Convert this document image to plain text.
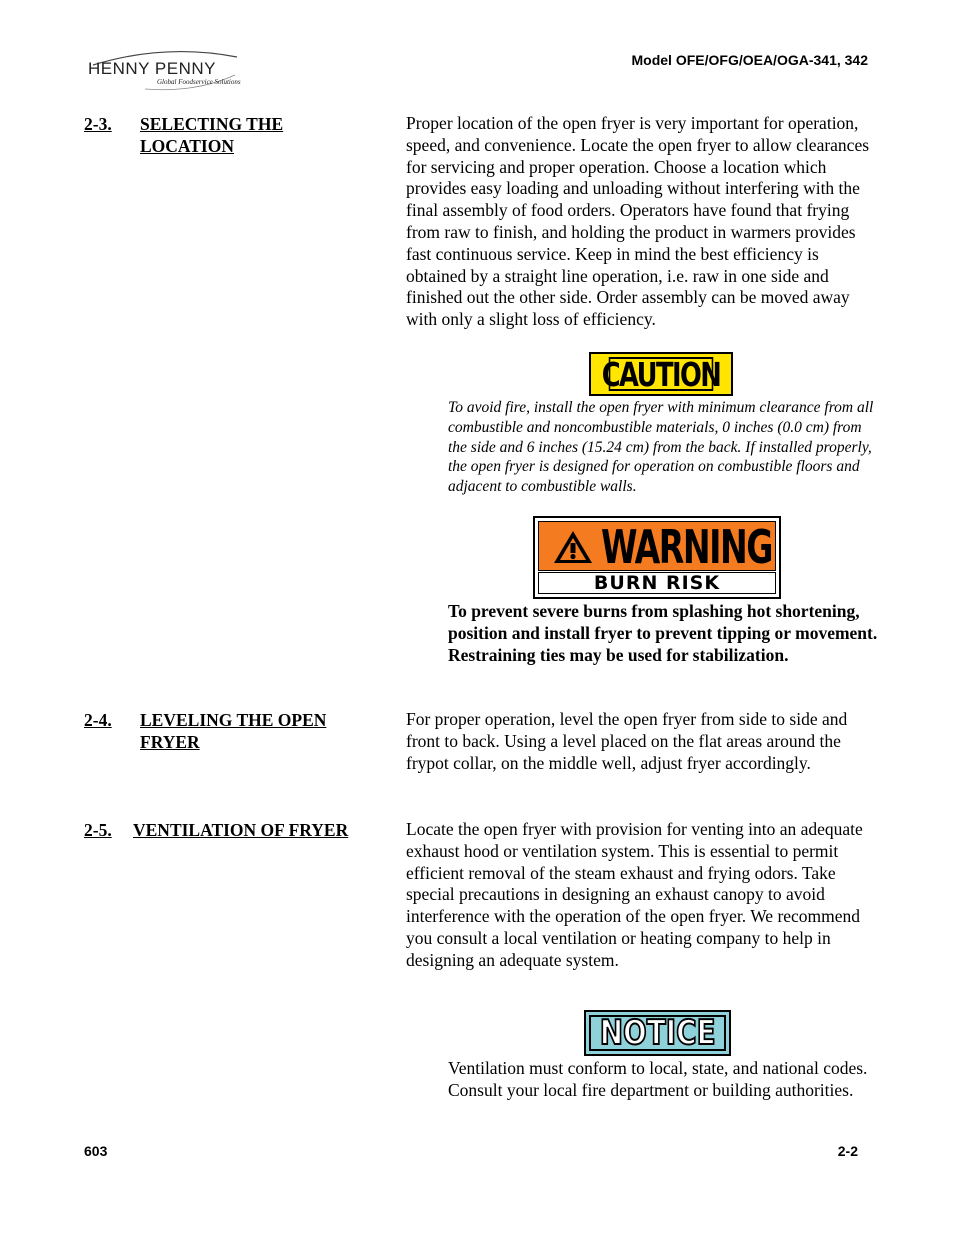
HENNY PENNY
Global Foodservice Solutions
Model OFE/OFG/OEA/OGA-341, 342
2-3. SELECTING THE
LOCATION
Proper location of the open fryer is very important for operation, speed, and convenience. Locate the open fryer to allow clearances for servicing and proper operation. Choose a location which provides easy loading and unloading without interfering with the final assembly of food orders. Operators have found that frying from raw to finish, and holding the product in warmers provides fast continuous service. Keep in mind the best efficiency is obtained by a straight line operation, i.e. raw in one side and finished out the other side. Order assembly can be moved away with only a slight loss of efficiency.
CAUTION
To avoid fire, install the open fryer with minimum clearance from all combustible and noncombustible materials, 0 inches (0.0 cm) from the side and 6 inches (15.24 cm) from the back. If installed properly, the open fryer is designed for operation on combustible floors and adjacent to combustible walls.
WARNING
BURN RISK
To prevent severe burns from splashing hot shortening, position and install fryer to prevent tipping or movement. Restraining ties may be used for stabilization.
2-4. LEVELING THE OPEN
FRYER
For proper operation, level the open fryer from side to side and front to back. Using a level placed on the flat areas around the frypot collar, on the middle well, adjust fryer accordingly.
2-5. VENTILATION OF FRYER	Locate the open fryer with provision for venting into an adequate exhaust hood or ventilation system. This is essential to permit efficient removal of the steam exhaust and frying odors. Take special precautions in designing an exhaust canopy to avoid interference with the operation of the open fryer. We recommend you consult a local ventilation or heating company to help in designing an adequate system.
NOTICE
Ventilation must conform to local, state, and national codes. Consult your local fire department or building authorities.
603	2-2
